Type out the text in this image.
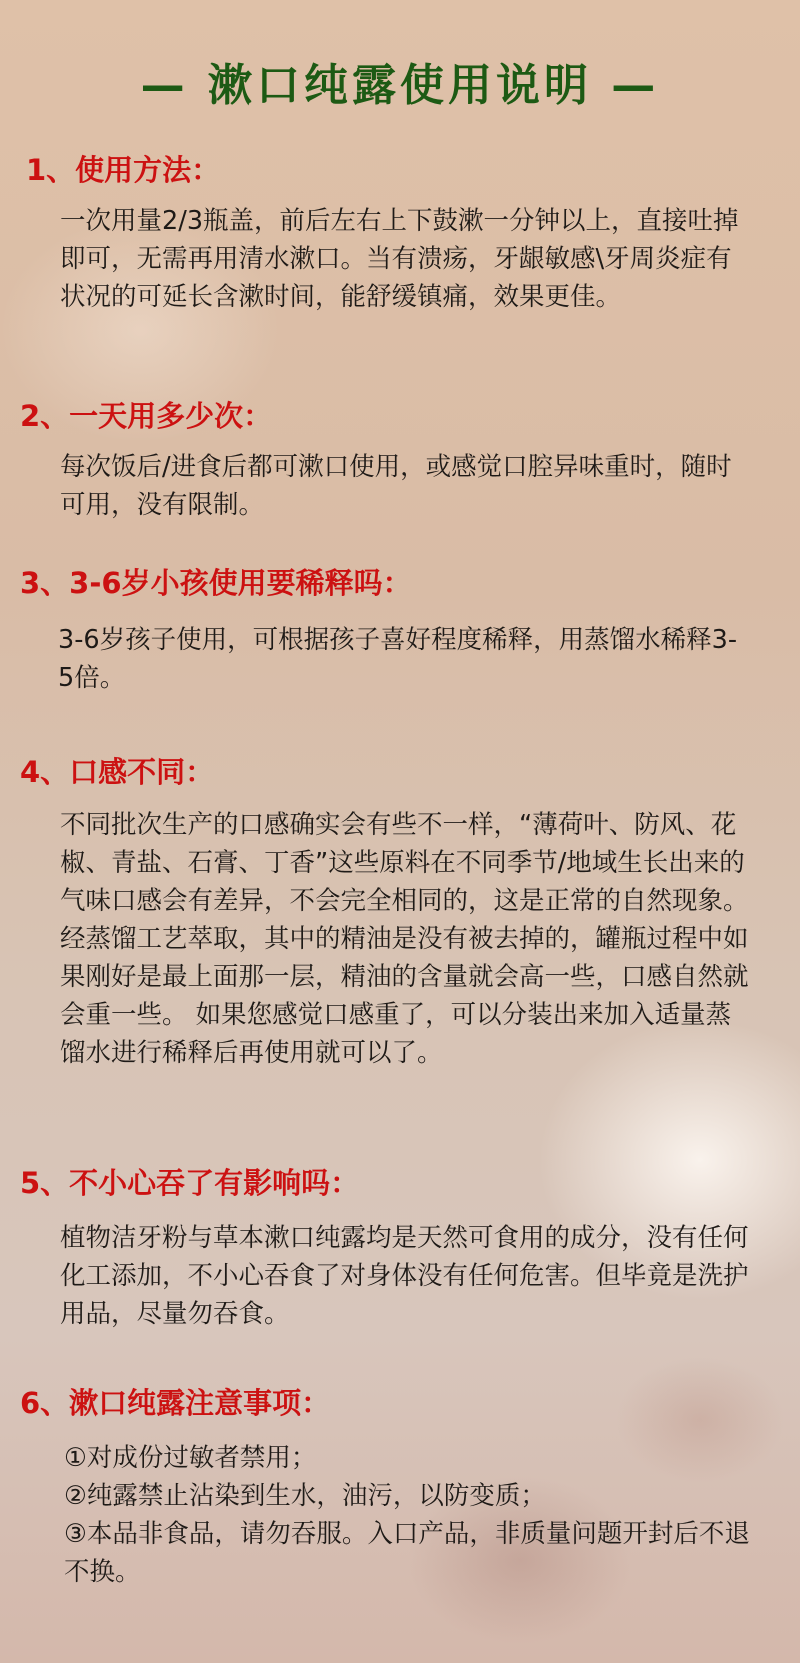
— 漱口纯露使用说明 —
1、使用方法：
一次用量2/3瓶盖，前后左右上下鼓漱一分钟以上，直接吐掉即可，无需再用清水漱口。当有溃疡，牙龈敏感\牙周炎症有状况的可延长含漱时间，能舒缓镇痛，效果更佳。
2、一天用多少次：
每次饭后/进食后都可漱口使用，或感觉口腔异味重时，随时可用，没有限制。
3、3-6岁小孩使用要稀释吗：
3-6岁孩子使用，可根据孩子喜好程度稀释，用蒸馏水稀释3-5倍。
4、口感不同：
不同批次生产的口感确实会有些不一样，“薄荷叶、防风、花椒、青盐、石膏、丁香”这些原料在不同季节/地域生长出来的气味口感会有差异，不会完全相同的，这是正常的自然现象。 经蒸馏工艺萃取，其中的精油是没有被去掉的，罐瓶过程中如果刚好是最上面那一层，精油的含量就会高一些，口感自然就会重一些。 如果您感觉口感重了，可以分装出来加入适量蒸馏水进行稀释后再使用就可以了。
5、不小心吞了有影响吗：
植物洁牙粉与草本漱口纯露均是天然可食用的成分，没有任何化工添加，不小心吞食了对身体没有任何危害。但毕竟是洗护用品，尽量勿吞食。
6、漱口纯露注意事项：

①对成份过敏者禁用；

②纯露禁止沾染到生水，油污，以防变质；

③本品非食品，请勿吞服。入口产品，非质量问题开封后不退不换。
